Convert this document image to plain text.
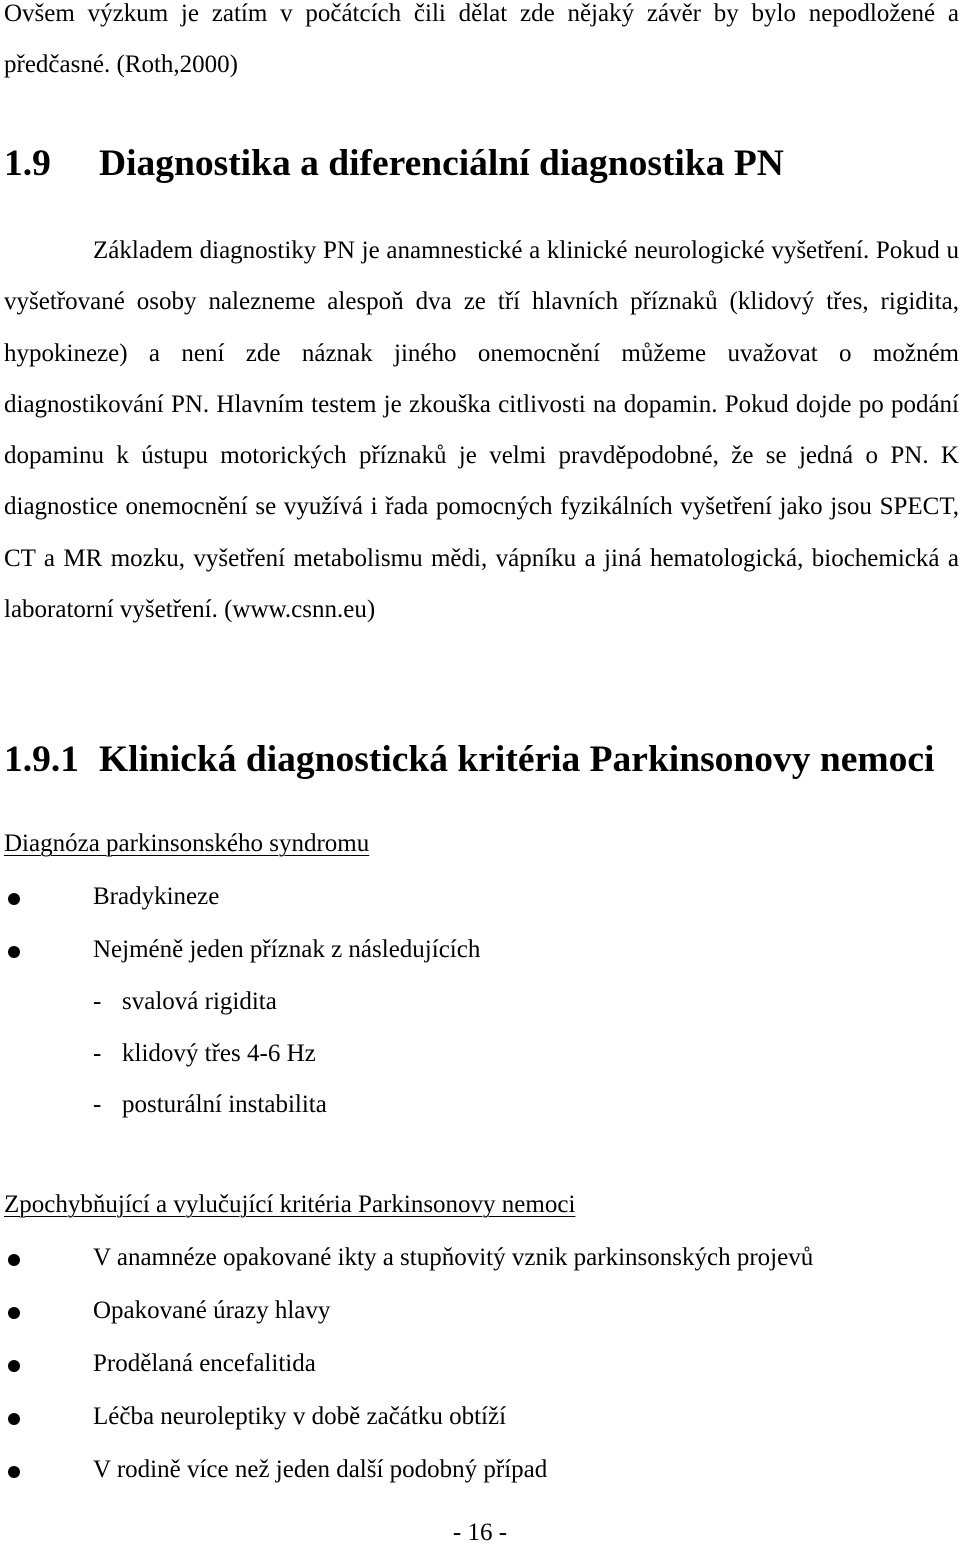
Ovšem výzkum je zatím v počátcích čili dělat zde nějaký závěr by bylo nepodložené a předčasné. (Roth,2000)

1.9 Diagnostika a diferenciální diagnostika PN

Základem diagnostiky PN je anamnestické a klinické neurologické vyšetření. Pokud u vyšetřované osoby nalezneme alespoň dva ze tří hlavních příznaků (klidový třes, rigidita, hypokineze) a není zde náznak jiného onemocnění můžeme uvažovat o možném diagnostikování PN. Hlavním testem je zkouška citlivosti na dopamin. Pokud dojde po podání dopaminu k ústupu motorických příznaků je velmi pravděpodobné, že se jedná o PN. K diagnostice onemocnění se využívá i řada pomocných fyzikálních vyšetření jako jsou SPECT, CT a MR mozku, vyšetření metabolismu mědi, vápníku a jiná hematologická, biochemická a laboratorní vyšetření. (www.csnn.eu)

1.9.1 Klinická diagnostická kritéria Parkinsonovy nemoci
Diagnóza parkinsonského syndromu
Bradykineze
Nejméně jeden příznak z následujících
- svalová rigidita
- klidový třes 4-6 Hz
- posturální instabilita
Zpochybňující a vylučující kritéria Parkinsonovy nemoci
V anamnéze opakované ikty a stupňovitý vznik parkinsonských projevů
Opakované úrazy hlavy
Prodělaná encefalitida
Léčba neuroleptiky v době začátku obtíží
V rodině více než jeden další podobný případ
- 16 -
